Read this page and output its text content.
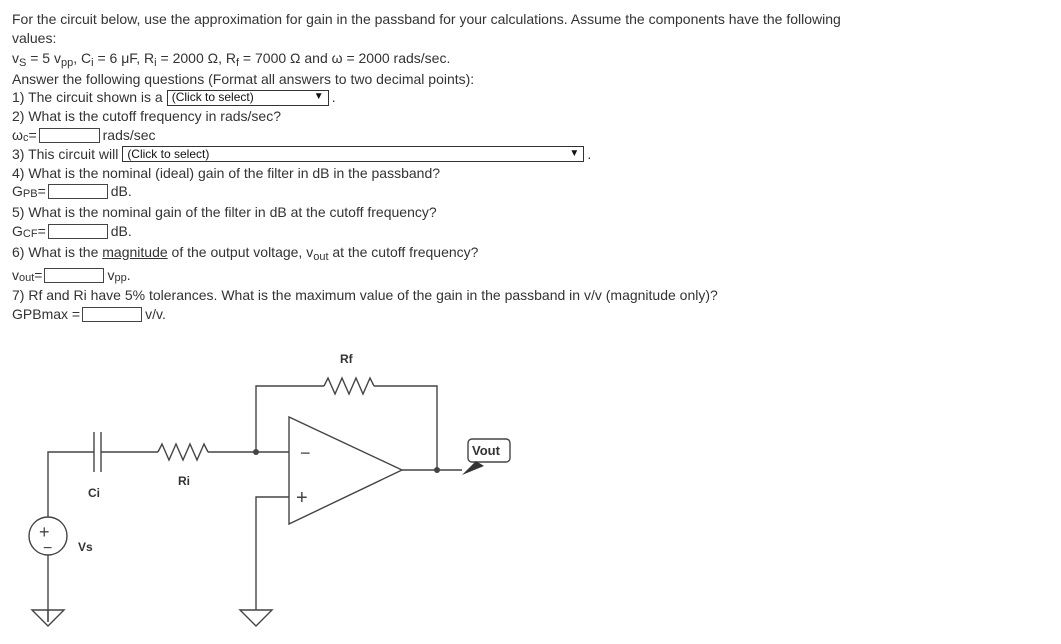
For the circuit below, use the approximation for gain in the passband for your calculations. Assume the components have the following
values:
$v_S = 5$ $v_{pp}$, $C_i = 6$ μF, $R_i = 2000$ Ω, $R_f = 7000$ Ω and ω = 2000 rads/sec.
Answer the following questions (Format all answers to two decimal points):
1) The circuit shown is a (Click to select)	▼ .
2) What is the cutoff frequency in rads/sec?
ω c =	rads/sec
3) This circuit will (Click to select)	▼ .
4) What is the nominal (ideal) gain of the filter in dB in the passband?
G PB =	dB.
5) What is the nominal gain of the filter in dB at the cutoff frequency?
G CF =	dB.
6) What is the magnitude of the output voltage, $v_{out}$ at the cutoff frequency?
v out =	v pp .
7) Rf and Ri have 5% tolerances. What is the maximum value of the gain in the passband in v/v (magnitude only)?
GPBmax =	v/v.
−
+
+
−
Rf
Ri
Ci
Vs
Vout
